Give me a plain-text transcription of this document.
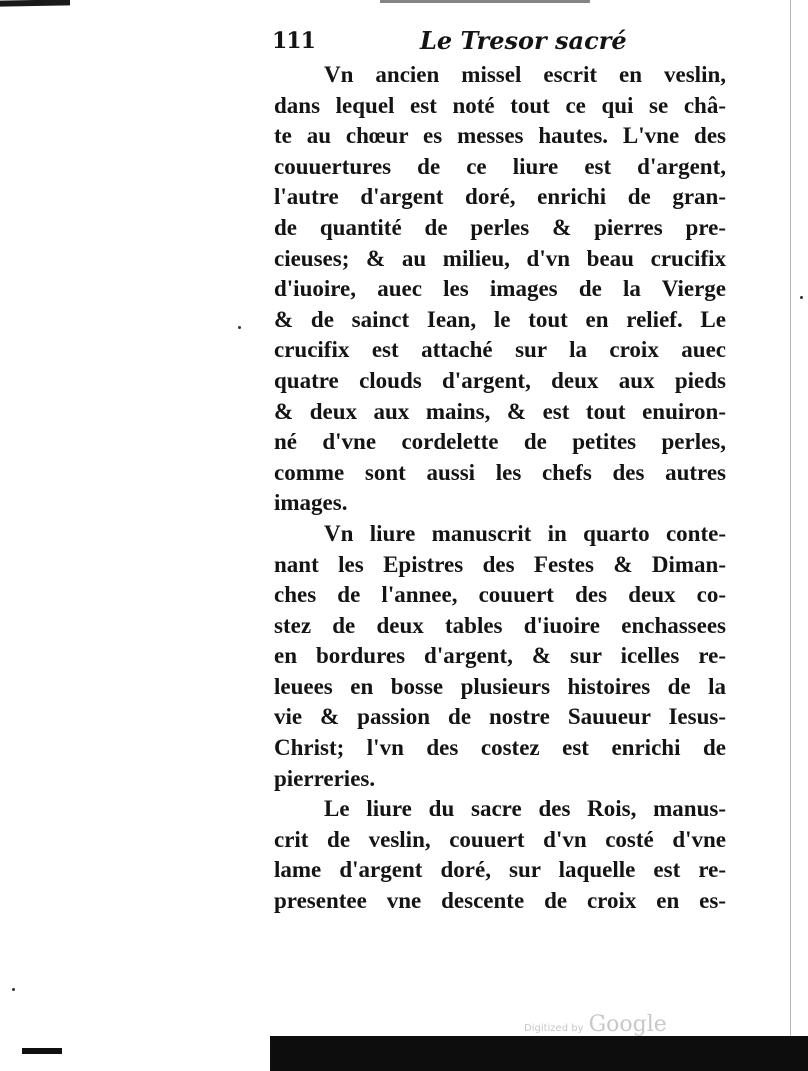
111	Le Tresor sacré
Vn ancien missel escrit en veslin,
dans lequel est noté tout ce qui se châ-
te au chœur es messes hautes. L'vne des
couuertures de ce liure est d'argent,
l'autre d'argent doré, enrichi de gran-
de quantité de perles & pierres pre-
cieuses; & au milieu, d'vn beau crucifix
d'iuoire, auec les images de la Vierge
& de sainct Iean, le tout en relief. Le
crucifix est attaché sur la croix auec
quatre clouds d'argent, deux aux pieds
& deux aux mains, & est tout enuiron-
né d'vne cordelette de petites perles,
comme sont aussi les chefs des autres
images.
Vn liure manuscrit in quarto conte-
nant les Epistres des Festes & Diman-
ches de l'annee, couuert des deux co-
stez de deux tables d'iuoire enchassees
en bordures d'argent, & sur icelles re-
leuees en bosse plusieurs histoires de la
vie & passion de nostre Sauueur Iesus-
Christ; l'vn des costez est enrichi de
pierreries.
Le liure du sacre des Rois, manus-
crit de veslin, couuert d'vn costé d'vne
lame d'argent doré, sur laquelle est re-
presentee vne descente de croix en es-
Digitized by Google
